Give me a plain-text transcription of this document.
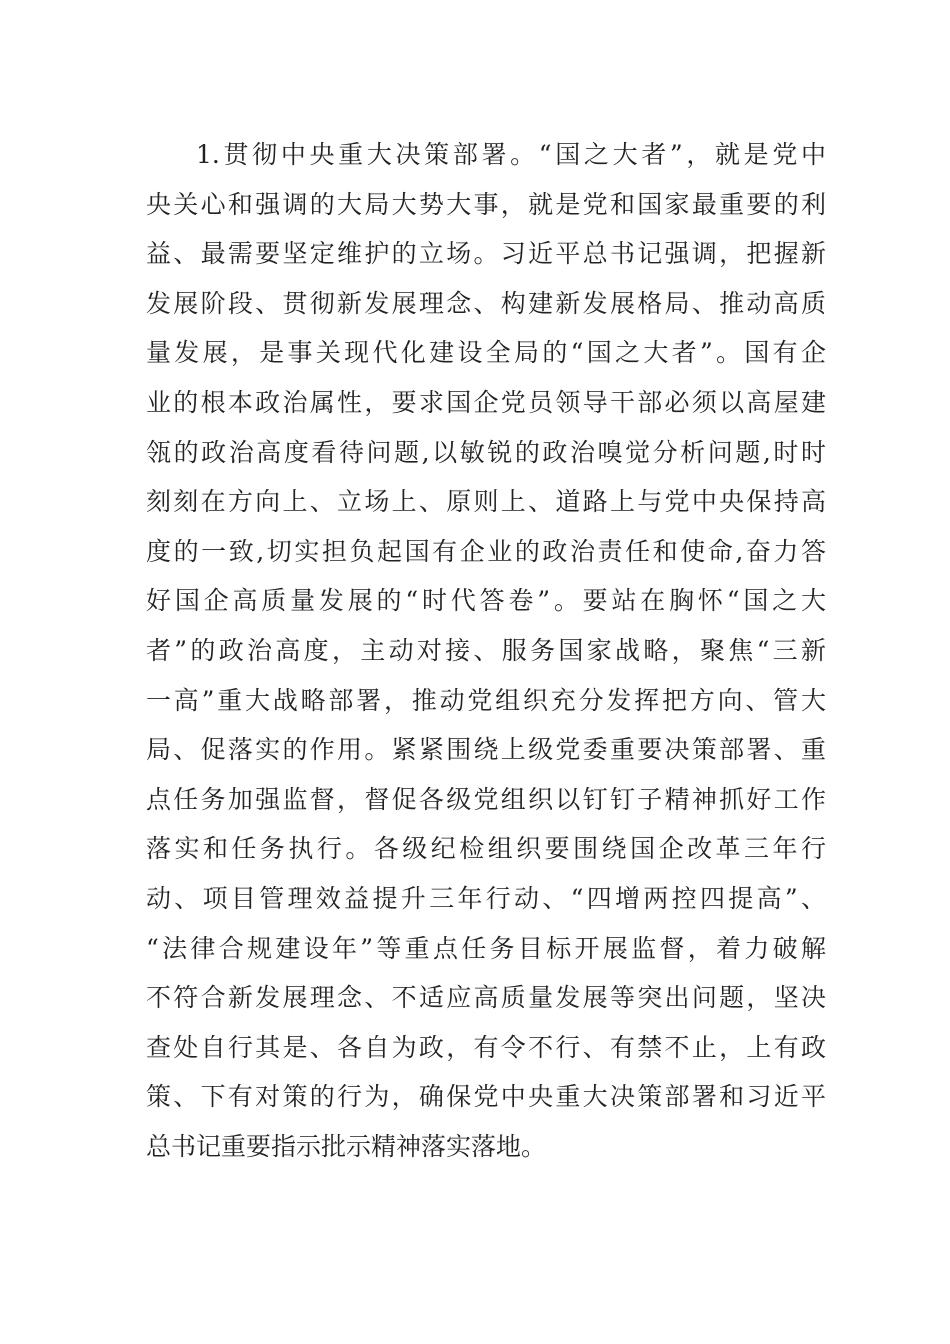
1.贯彻中央重大决策部署。“国之大者”，就是党中
央关心和强调的大局大势大事，就是党和国家最重要的利
益、最需要坚定维护的立场。习近平总书记强调，把握新
发展阶段、贯彻新发展理念、构建新发展格局、推动高质
量发展，是事关现代化建设全局的“国之大者”。国有企
业的根本政治属性，要求国企党员领导干部必须以高屋建
瓴的政治高度看待问题,以敏锐的政治嗅觉分析问题,时时
刻刻在方向上、立场上、原则上、道路上与党中央保持高
度的一致,切实担负起国有企业的政治责任和使命,奋力答
好国企高质量发展的“时代答卷”。要站在胸怀“国之大
者”的政治高度，主动对接、服务国家战略，聚焦“三新
一高”重大战略部署，推动党组织充分发挥把方向、管大
局、促落实的作用。紧紧围绕上级党委重要决策部署、重
点任务加强监督，督促各级党组织以钉钉子精神抓好工作
落实和任务执行。各级纪检组织要围绕国企改革三年行
动、项目管理效益提升三年行动、“四增两控四提高”、
“法律合规建设年”等重点任务目标开展监督，着力破解
不符合新发展理念、不适应高质量发展等突出问题，坚决
查处自行其是、各自为政，有令不行、有禁不止，上有政
策、下有对策的行为，确保党中央重大决策部署和习近平
总书记重要指示批示精神落实落地。
